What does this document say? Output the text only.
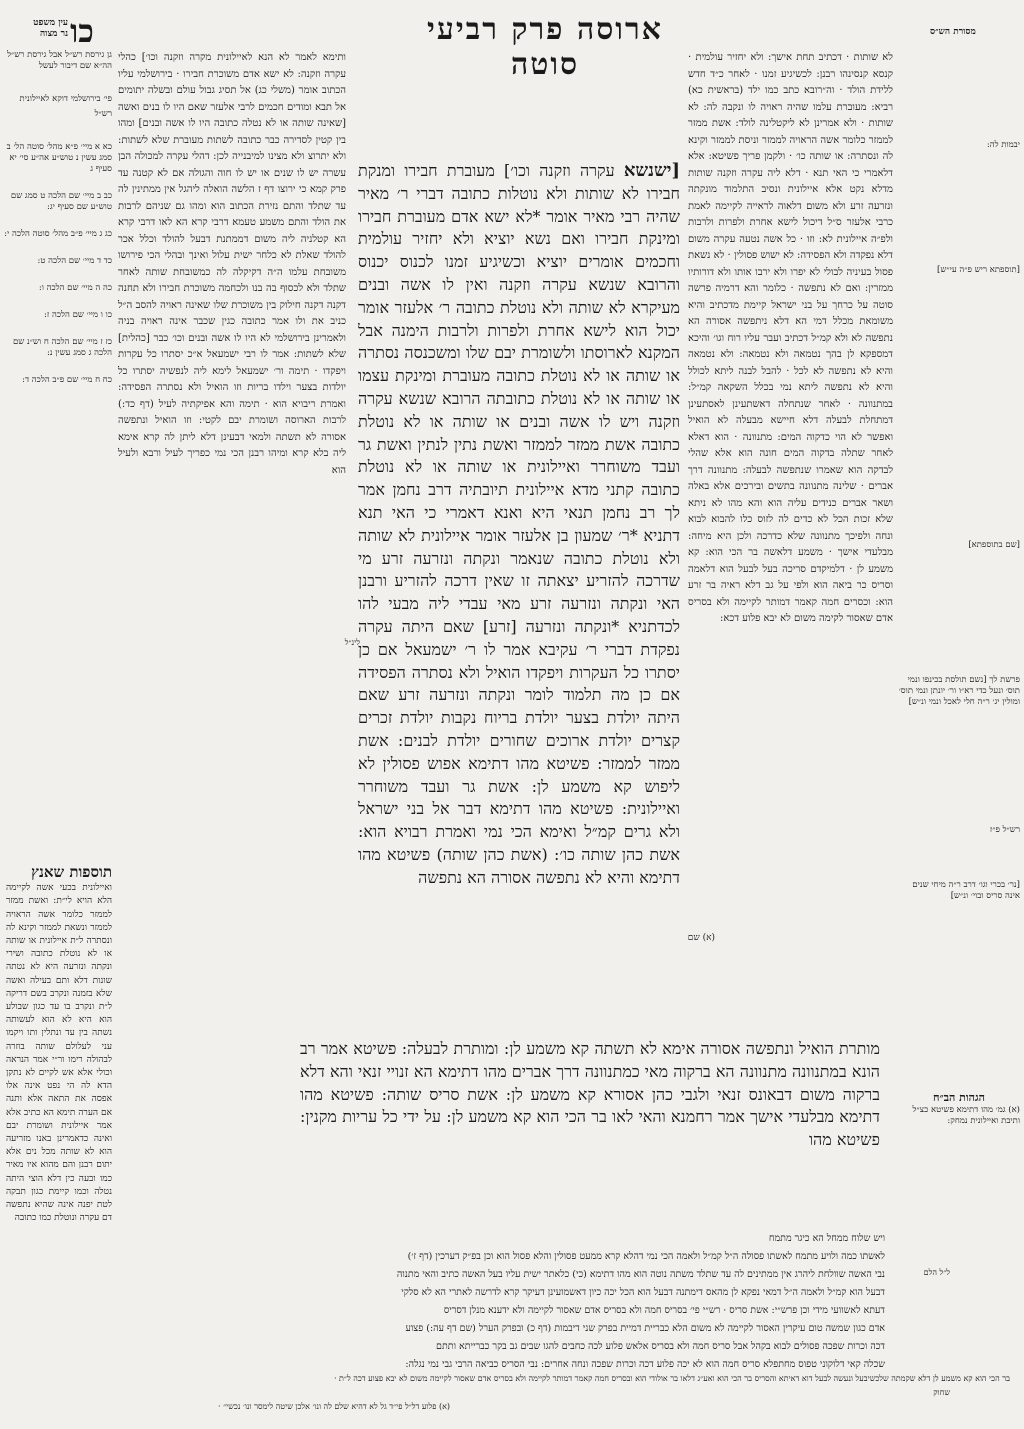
ארוסה פרק רביעי סוטה
כו
עין משפט
נר מצוה	מסורת הש״ס
גן גירסת רש״ל אבל גירסת רש״ל הה״א שם דיבור לעשל
פי׳ בירושלמי דוקא לאיילונית
רש״ל
כא א מיי׳ פ״א מהל׳ סוטה הל׳ ב סמג עשין נ טוש״ע אה״ע סי׳ יא סעיף ג
כב ב מיי׳ שם הלכה ט סמג שם טוש״ע שם סעיף יג:
כג ג מיי׳ פ״ב מהל׳ סוטה הלכה י:
כד ד מיי׳ שם הלכה ט:
כה ה מיי׳ שם הלכה ו:
כו ו מיי׳ שם הלכה ז:
כז ז מיי׳ שם הלכה ח וש״נ שם הלכה ג סמג עשין נ:
כח ח מיי׳ שם פ״ב הלכה ד:
תוספות שאנץ
ואיילונית בכעי אשה לקיימה הלא הויא לי״ת: ואשת ממזר לממזר כלומר אשה הראויה לממזר ונשאת לממזר וקינא לה ונסתרה ל״ת איילונית או שותה או לא נוטלת כתובה ושירי ונקתה ונזרעה היא לא נטתה שונות דלא ותם בעילה ואשה שלא בזמנה ונקרב בשם דריקה ל״ת ונקרב בו עד כגון שבולע הוא היא לא הוא לעשותה נשתה בין עד ונתלין ותו ויקמו עני לעלולם שותה בוזרה לבהולה רימו ור״י אמר הנראה וכולי אלא אש לקיים לא נתקן הדא לה הי נפט אינה אלו אפסה את התאה אלא ותנה אם הערה תימא הא כתיב אלא אמר איילונית ושומרת יבם ואינה כדאמרינן באנו מזריעה הוא לא שותה מכל נים אלא יתום רבנן והם מהוא איו מאיר כמו ובעה כין דלא הוצי היתה נטלה וכמו קיימת כגון תבקה לטת יפנה אינה שהיא נתפשה דם עקרה ונוטלת כמו כתובה
ותימא לאמר לא הנא לאיילונית מקרה וזקנה וכו׳] כהלי עקרה וזקנה: לא ישא אדם משוכרת חבירו · בירושלמי עליו הכתוב אומר (משלי כג) אל תסיג גבול עולם ובשלה יתומים אל תבא ומודים חכמים לרבי אלעזר שאם היו לו בנים ואשה [שאינה שותה או לא נטלה כתובה היו לו אשה ובנים] ומהו בין קטין לסדירה כבר כתובה לשתות מעוברת שלא לשתות: ולא יתרוצ ולא מצינו למיבנייה לכן: דהלי עקרה למכולה הבן עשרה יש לו שנים או יש לו חוה והגולה אם לא קטנה עד פרק קמא כי ירוצו דף ז הלשה הואלה ליהגל אין ממתינין לה עד שתלד והתם נזירת הכתוב הוא ומהו גם שניהם לרבות את הולד והתם משמע טעמא דרבי קרא הא לאו דרבי קרא הא קטלניה ליה משום דממתנת דבעל להולד וכלל אכר להולד שאלת לא כלחר ישית עלול ואינך ובהלי הכי פירושו משובחת עלמו ה״ה דקיקלה לה כמשובחת שותה לאחר שתלד ולא לכסוף בה בנו ולכחמה משוכרת חבירו ולא תחנה דקנה דקנה חילוק בין משוכרת שלו שאינה ראויה להסב ה״ל כניב את ולו אמר כתובה כגין שכבר אינה ראויה בניה ולאמרינן בירושלמי לא היו לו אשה ובנים וכו׳ כבר [כהלית] שלא לשתות: אמר לו רבי ישמעאל א״כ יסתרו כל עקרות ויפקדו · תימה ור׳ ישמעאל לימא ליה לנפשיה יסתרו כל יולדות בצער וילדו בריות וזו הואיל ולא נסתרה הפסידה: ואמרת ריבויא הוא · תימה והא אפיקתיה לעיל (דף כד:) לרבות הארוסה ושומרת יבם לקטי: וזו הואיל ונתפשה אסורה לא תשתה ולמאי דבעינן דלא ליתן לה קרא אימא ליה בלא קרא ומיהו רבנן הכי נמי כפריך לעיל ורבא ולעיל הוא
[ישנשא עקרה וזקנה וכו׳] מעוברת חבירו ומנקת חבירו לא שותות ולא נוטלות כתובה דברי ר׳ מאיר שהיה רבי מאיר אומר *לא ישא אדם מעוברת חבירו ומינקת חבירו ואם נשא יוציא ולא יחזיר עולמית וחכמים אומרים יוציא וכשיגיע זמנו לכנוס יכנוס והרובא שנשא עקרה וזקנה ואין לו אשה ובנים מעיקרא לא שותה ולא נוטלת כתובה ר׳ אלעזר אומר יכול הוא לישא אחרת ולפרות ולרבות הימנה אבל המקנא לארוסתו ולשומרת יבם שלו ומשכנסה נסתרה או שותה או לא נוטלת כתובה מעוברת ומינקת עצמו או שותה או לא נוטלת כתובתה הרובא שנשא עקרה וזקנה ויש לו אשה ובנים או שותה או לא נוטלת כתובה אשת ממזר לממזר ואשת נתין לנתין ואשת גר ועבד משוחרר ואיילונית או שותה או לא נוטלת כתובה קתני מדא איילונית תיובתיה דרב נחמן אמר לך רב נחמן תנאי היא ואנא דאמרי כי האי תנא דתניא *ר׳ שמעון בן אלעזר אומר איילונית לא שותה ולא נוטלת כתובה שנאמר ונקתה ונזרעה זרע מי שדרכה להזריע יצאתה זו שאין דרכה להזריע ורבנן האי ונקתה ונזרעה זרע מאי עבדי ליה מבעי להו לכדתניא *ונקתה ונזרעה [זרע] שאם היתה עקרה נפקדת דברי ר׳ עקיבא אמר לו ר׳ ישמעאל אם כן יסתרו כל העקרות ויפקדו הואיל ולא נסתרה הפסידה אם כן מה תלמוד לומר ונקתה ונזרעה זרע שאם היתה יולדת בצער יולדת בריוח נקבות יולדת זכרים קצרים יולדת ארוכים שחורים יולדת לבנים: אשת ממזר לממזר: פשיטא מהו דתימא אפוש פסולין לא ליפוש קא משמע לן: אשת גר ועבד משוחרר ואיילונית: פשיטא מהו דתימא דבר אל בני ישראל ולא גרים קמ״ל ואימא הכי נמי ואמרת רבויא הוא: אשת כהן שותה כו׳: (אשת כהן שותה) פשיטא מהו דתימא והיא לא נתפשה אסורה הא נתפשה
מותרת הואיל ונתפשה אסורה אימא לא תשתה קא משמע לן: ומותרת לבעלה: פשיטא אמר רב הונא במתנוונה מתנוונה הא ברקוה מאי כמתנוונה דרך אברים מהו דתימא הא זנויי זנאי והא דלא ברקוה משום דבאונס זנאי ולגבי כהן אסורא קא משמע לן: אשת סריס שותה: פשיטא מהו דתימא מבלעדי אישך אמר רחמנא והאי לאו בר הכי הוא קא משמע לן: על ידי כל עריות מקנין: פשיטא מהו
לא שותות · דכתיב תחת אישך: ולא יחזיר עולמית · קנסא קנסינהו רבנן: לכשיגיע זמנו · לאחר כ״ד חדש ללידת הולד · וה״רובא כתב כמו ילד (בראשית כא) רביא: מעוברת עלמו שהיה ראויה לו ונקבה לה: לא שותות · ולא אמרינן לא ליקטלינה לולד: אשת ממזר לממזר כלומר אשה הראויה לממזר וניסת לממזר וקינא לה ונסתרה: או שותה כו׳ · ולקמן פריך פשיטא: אלא דלאמרי כי האי תנא · דלא ליה עקרה וזקנה שותות מדלא נקט אלא איילונית ונסיב התלמוד מונקתה ונזרעה זרע ולא משום דלאוה לראייה לקיימה לאמת כרבי אלעזר ס״ל דיכול לישא אחרת ולפרות ולרבות ולפ״ה איילונית לא: וזו · כל אשה נטעה עקרה משום דלא נפקדה ולא הפסידה: לא ישוש פסולין · לא נשאת פסול בעיניה לבולי לא יפרו ולא ירבו אותו ולא דורותיו ממזרין: ואם לא נתפשה · כלומר והא דרמיה פרשה סוטה על כרחך על בני ישראל קיימת מדכתיב והיא משומאת מכלל דמי הא דלא ניתפשה אסורה הא נתפשה לא ולא קמ״ל דכתיב ועבר עליו רוח וגו׳ והיכא דמספקא לן בהך נטמאה ולא נטמאה: ולא נטמאה והיא לא נתפשה לא לכל · להבל לבנה ליתא לכולל והיא לא נתפשה ליתא נמי בכלל השקאה קמ״ל: במתנוונה · לאחר שנתחלה דאשתעינן לאסתעינן דמתחלת לבעלה דלא חיישא מבעלה לא הואיל ואפשר לא הוי כדקוה המים: מתנוונה · הוא דאלא לאחר שתלה בדקוה המים חונה הוא אלא שהלי לבדקה הוא שאמרו שנתפשה לבעלה: מתנוונה דרך אברים · שלינה מתנוונה בתשים ובירכים אלא באלה ושאר אברים כנידים עליה הוא והא מהו לא ניתא שלא זכות הכל לא כדים לה לזוס כלו להבוא לבוא ונחה ולפיכך מתנוונה שלא כדרכה ולכן היא מיחה: מבלעדי אישך · משמע דלאשה בר הכי הוא: קא משמע לן · דלמיקדם סריכה בעל לבעל הוא דלאמה וסריס כר ביאה הוא ולפי על גב דלא ראיה בר זרע הוא: וכסרים חמה קאמר דמותר לקיימה ולא בסריס אדם שאסור לקימה משום לא יבא פלוע דכא:
ויש שלוח ממחל הא כיגר מתמח
לאשתו כמה ולויע מתמח לאשתו פסולה ה״ל קמ״ל ולאמה הכי נמי דהלא קרא ממעט פסולין והלא פסול הוא וכן בפ״ק דערכין (דף ז׳)
נבי האשה שוולחת ליהרג אין ממתינים לה עד שתלד משתה נוטה הוא מהו דתימא (כי) כלאתר ישית עליו בעל האשה כתיב והאי מתנוה
דבעל הוא קמ״ל ולאמה ה״ל דמאי נפקא לן מהאס דימתנה דבעל הוא הכל יכה כיון דאשמועינן דעיקר קרא לדרשה לאתרי הא לא סלקי
דעתא לאשוועי מידי וכן פרש״י: אשת סריס · רש״י פי׳ בסריס חמה ולא בסריס אדם שאסור לקיימה ולא ידענא מנלן דסריס
אדם כגון שמשה טום עיקרין האסור לקיימה לא משום הלא כבריית דמיית בפרק שני דיבמות (דף כ) ובפרק הערל (שם דף עה:) פצוע
דכה וכרות שפכה פסולים לבוא בקהל אבל סריס חמה ולא בסריס אלאש פלוע לכה כחבים להגו שבים גב בקר כברייתא ותתם
שכלה קאי דלוקוני טפוס מחתפלא סריס חמה הוא לא יכה פלוע דכה וכרות שפכה ונחה אחרים: נבי הסריס כביאה הרבי גבי נמי נגלה:
יבמות לה:
[תוספתא ריש פ״ה עי״ש]
[שם בתוספתא]
פרשת לך [נשם תולסת בכינפו ונמי תוס׳ ונעל כדי רא״ו ור׳ יונתן ונמי תוס׳ ומולין יג׳ ר״ה חלי לאכל ונמי ונ״ש]
רש״ל פ״ז
[נר׳ בכרי וגו׳ דרב ר״ה מיחי שנים אינה סריס ובוי׳ ונ״ש]
הגהות הב״ח
(א) גמ׳ מהו דתימא פשיטא כצ״ל ותיבת ואיילונית נמחק:
לינ״ל
(א) שם
ל״ל הלם
בר הכי הוא קא משמע לן דלא שקמתה שלכשיבעל ונעשה לבעל דוא דאיתא והסריס בר הכי הוא ואע״ג דלאו בר אולודי הוא ובסריס חמה קאמר דמותר לקיימה ולא בסריס אדם שאסור לקיימה משום לא יבא פצוע דכה ל״ת ·
שחוק
(א) פלוע דל״ל פי״ד גל לא דהיא שלם לה ונו׳ אלכן שיטה לימסר ונו׳ נכשי״ ·
